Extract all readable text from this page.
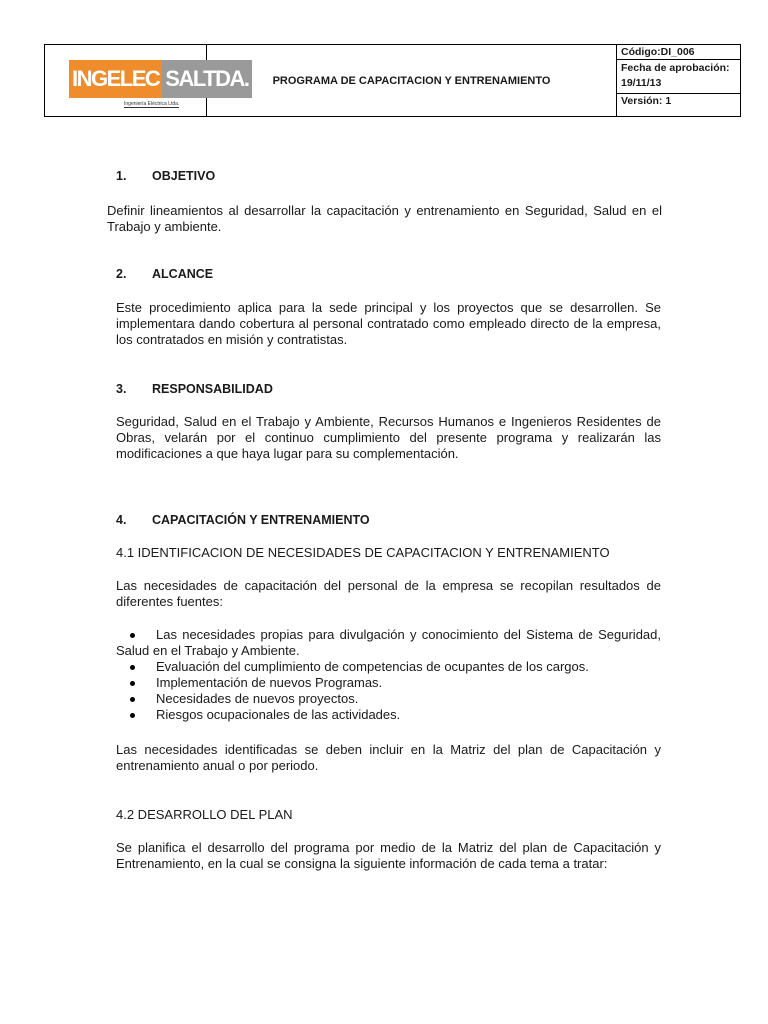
INGELEC SALTDA.
Ingeniería Eléctrica Ltda.
PROGRAMA DE CAPACITACION Y ENTRENAMIENTO
Código:DI_006
Fecha de aprobación:
19/11/13
Versión: 1
1. OBJETIVO
Definir lineamientos al desarrollar la capacitación y entrenamiento en Seguridad, Salud en el Trabajo y ambiente.
2. ALCANCE
Este procedimiento aplica para la sede principal y los proyectos que se desarrollen. Se implementara dando cobertura al personal contratado como empleado directo de la empresa, los contratados en misión y contratistas.
3. RESPONSABILIDAD
Seguridad, Salud en el Trabajo y Ambiente, Recursos Humanos e Ingenieros Residentes de Obras, velarán por el continuo cumplimiento del presente programa y realizarán las modificaciones a que haya lugar para su complementación.
4. CAPACITACIÓN Y ENTRENAMIENTO
4.1 IDENTIFICACION DE NECESIDADES DE CAPACITACION Y ENTRENAMIENTO
Las necesidades de capacitación del personal de la empresa se recopilan resultados de diferentes fuentes:
Las necesidades propias para divulgación y conocimiento del Sistema de Seguridad, Salud en el Trabajo y Ambiente.
Evaluación del cumplimiento de competencias de ocupantes de los cargos.
Implementación de nuevos Programas.
Necesidades de nuevos proyectos.
Riesgos ocupacionales de las actividades.
Las necesidades identificadas se deben incluir en la Matriz del plan de Capacitación y entrenamiento anual o por periodo.
4.2 DESARROLLO DEL PLAN
Se planifica el desarrollo del programa por medio de la Matriz del plan de Capacitación y Entrenamiento, en la cual se consigna la siguiente información de cada tema a tratar:
